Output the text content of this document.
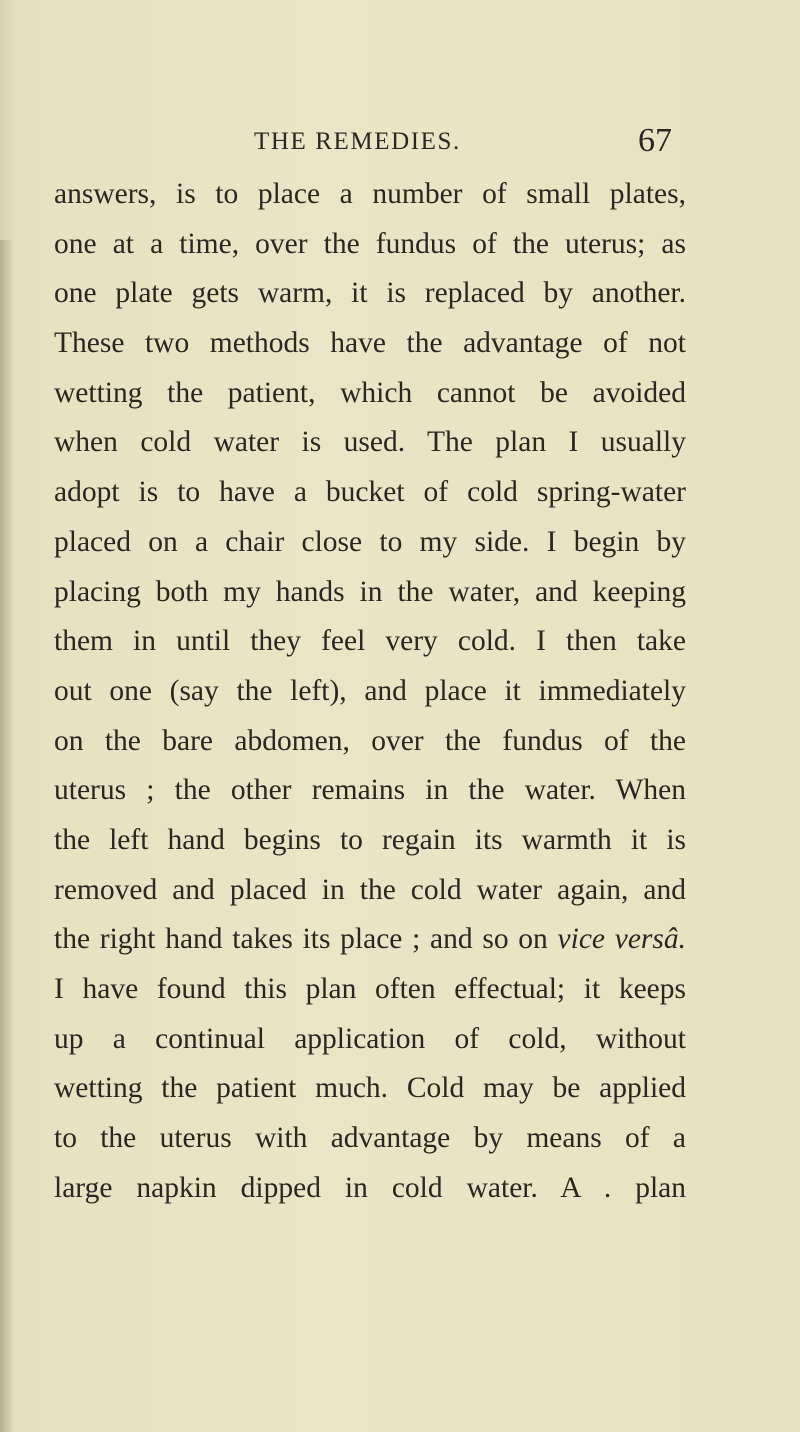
THE REMEDIES.	67
answers, is to place a number of small plates,
one at a time, over the fundus of the uterus; as
one plate gets warm, it is replaced by another.
These two methods have the advantage of not
wetting the patient, which cannot be avoided
when cold water is used. The plan I usually
adopt is to have a bucket of cold spring-water
placed on a chair close to my side. I begin by
placing both my hands in the water, and keeping
them in until they feel very cold. I then take
out one (say the left), and place it immediately
on the bare abdomen, over the fundus of the
uterus ; the other remains in the water. When
the left hand begins to regain its warmth it is
removed and placed in the cold water again, and
the right hand takes its place ; and so on vice versâ.
I have found this plan often effectual; it keeps
up a continual application of cold, without
wetting the patient much. Cold may be applied
to the uterus with advantage by means of a
large napkin dipped in cold water. A . plan
